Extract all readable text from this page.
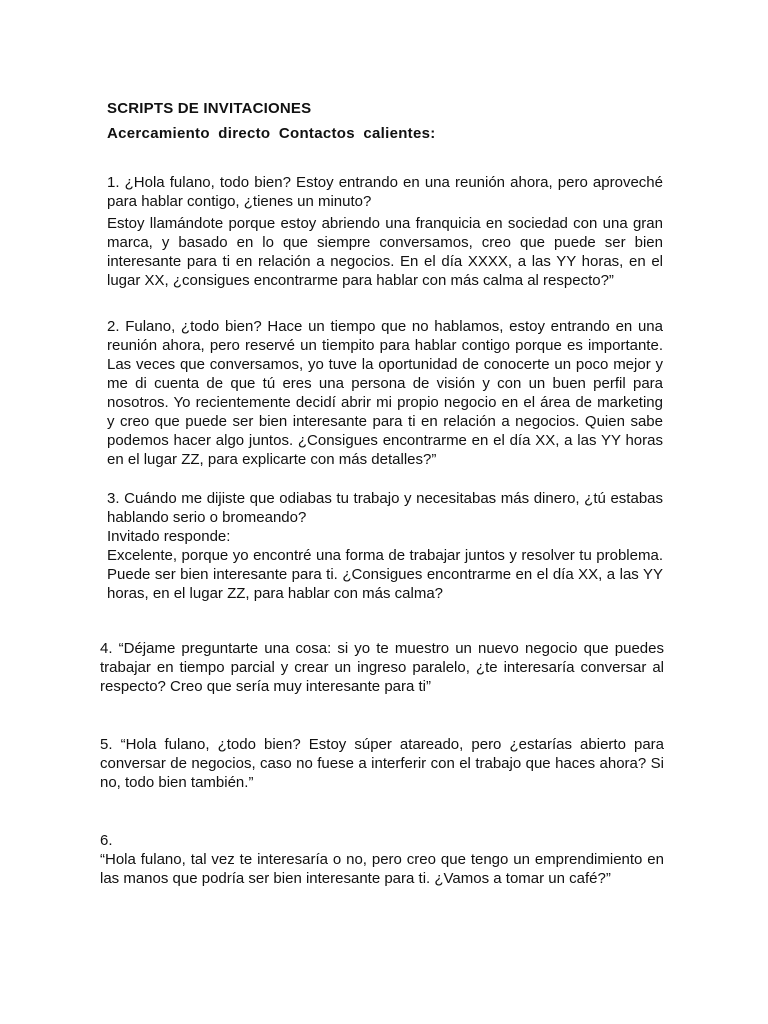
SCRIPTS DE INVITACIONES
Acercamiento directo Contactos calientes:
1. ¿Hola fulano, todo bien? Estoy entrando en una reunión ahora, pero aproveché para hablar contigo, ¿tienes un minuto?
Estoy llamándote porque estoy abriendo una franquicia en sociedad con una gran marca, y basado en lo que siempre conversamos, creo que puede ser bien interesante para ti en relación a negocios. En el día XXXX, a las YY horas, en el lugar XX, ¿consigues encontrarme para hablar con más calma al respecto?”
2. Fulano, ¿todo bien? Hace un tiempo que no hablamos, estoy entrando en una reunión ahora, pero reservé un tiempito para hablar contigo porque es importante. Las veces que conversamos, yo tuve la oportunidad de conocerte un poco mejor y me di cuenta de que tú eres una persona de visión y con un buen perfil para nosotros. Yo recientemente decidí abrir mi propio negocio en el área de marketing y creo que puede ser bien interesante para ti en relación a negocios. Quien sabe podemos hacer algo juntos. ¿Consigues encontrarme en el día XX, a las YY horas en el lugar ZZ, para explicarte con más detalles?”
3. Cuándo me dijiste que odiabas tu trabajo y necesitabas más dinero, ¿tú estabas hablando serio o bromeando?
Invitado responde:
Excelente, porque yo encontré una forma de trabajar juntos y resolver tu problema. Puede ser bien interesante para ti. ¿Consigues encontrarme en el día XX, a las YY horas, en el lugar ZZ, para hablar con más calma?
4. “Déjame preguntarte una cosa: si yo te muestro un nuevo negocio que puedes trabajar en tiempo parcial y crear un ingreso paralelo, ¿te interesaría conversar al respecto? Creo que sería muy interesante para ti”
5. “Hola fulano, ¿todo bien? Estoy súper atareado, pero ¿estarías abierto para conversar de negocios, caso no fuese a interferir con el trabajo que haces ahora? Si no, todo bien también.”
6.
“Hola fulano, tal vez te interesaría o no, pero creo que tengo un emprendimiento en las manos que podría ser bien interesante para ti. ¿Vamos a tomar un café?”
